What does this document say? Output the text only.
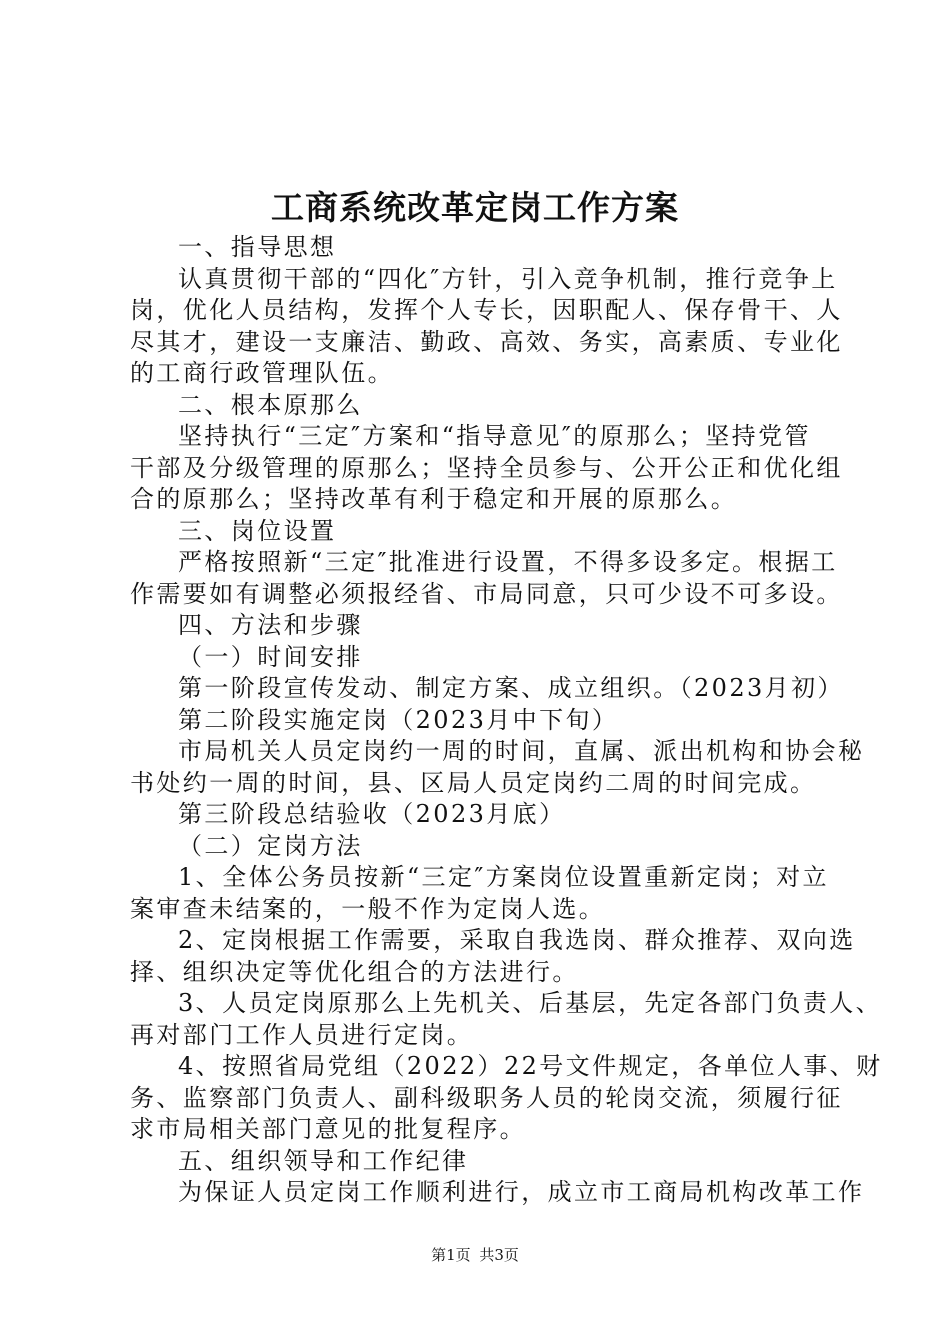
工商系统改革定岗工作方案
一、指导思想
认真贯彻干部的“四化″方针，引入竞争机制，推行竞争上
岗，优化人员结构，发挥个人专长，因职配人、保存骨干、人
尽其才，建设一支廉洁、勤政、高效、务实，高素质、专业化
的工商行政管理队伍。
二、根本原那么
坚持执行“三定″方案和“指导意见″的原那么；坚持党管
干部及分级管理的原那么；坚持全员参与、公开公正和优化组
合的原那么；坚持改革有利于稳定和开展的原那么。
三、岗位设置
严格按照新“三定″批准进行设置，不得多设多定。根据工
作需要如有调整必须报经省、市局同意，只可少设不可多设。
四、方法和步骤
（一）时间安排
第一阶段宣传发动、制定方案、成立组织。（2023月初）
第二阶段实施定岗（2023月中下旬）
市局机关人员定岗约一周的时间，直属、派出机构和协会秘
书处约一周的时间，县、区局人员定岗约二周的时间完成。
第三阶段总结验收（2023月底）
（二）定岗方法
1、全体公务员按新“三定″方案岗位设置重新定岗；对立
案审查未结案的，一般不作为定岗人选。
2、定岗根据工作需要，采取自我选岗、群众推荐、双向选
择、组织决定等优化组合的方法进行。
3、人员定岗原那么上先机关、后基层，先定各部门负责人、
再对部门工作人员进行定岗。
4、按照省局党组（2022）22号文件规定，各单位人事、财
务、监察部门负责人、副科级职务人员的轮岗交流，须履行征
求市局相关部门意见的批复程序。
五、组织领导和工作纪律
为保证人员定岗工作顺利进行，成立市工商局机构改革工作
第1页 共3页
